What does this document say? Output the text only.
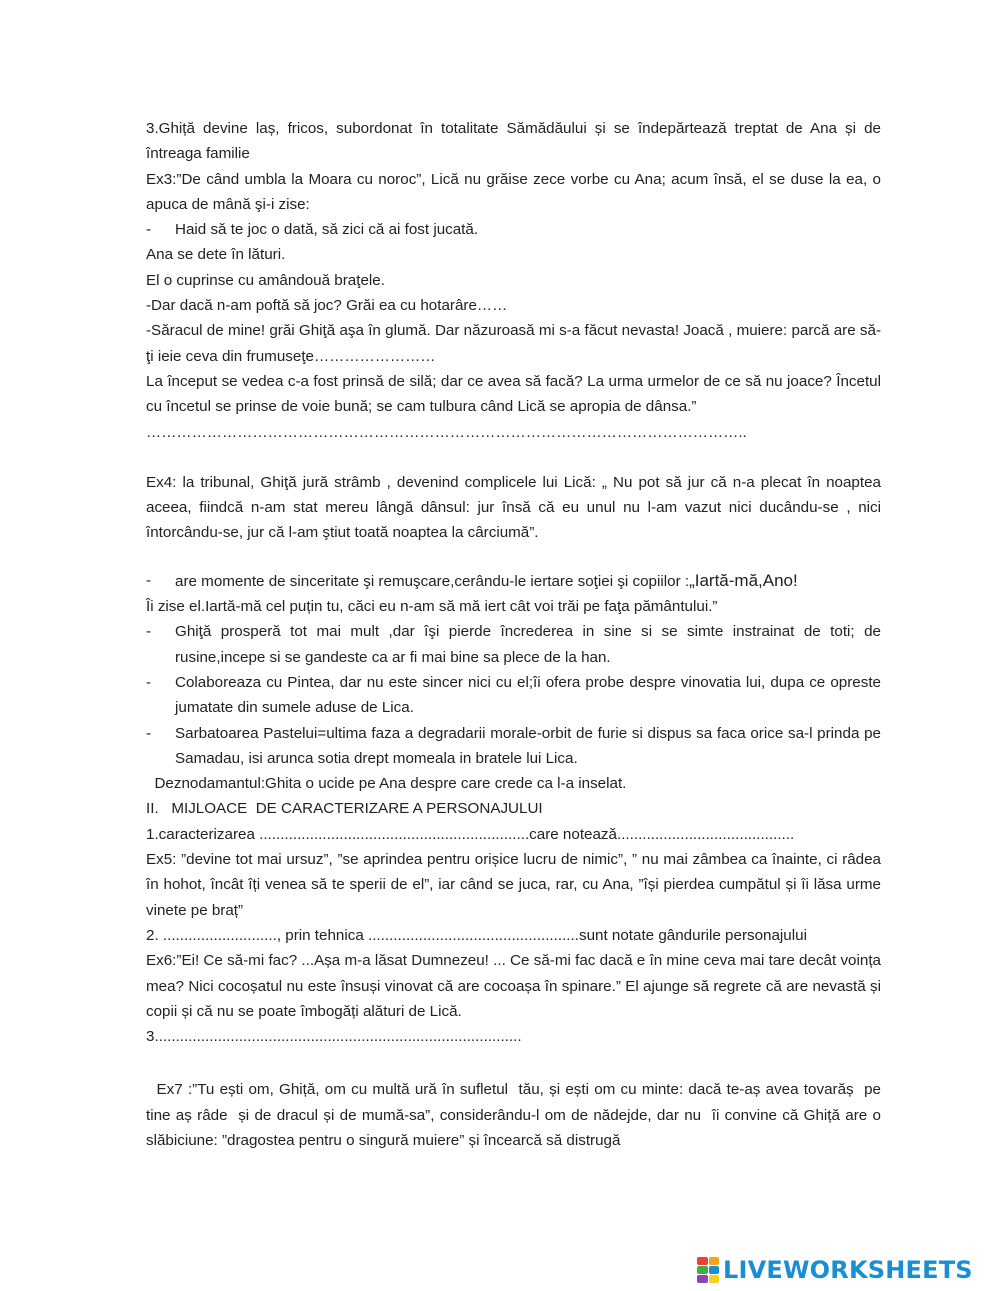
3.Ghiță devine laș, fricos, subordonat în totalitate Sămădăului și se îndepărtează treptat de Ana și de întreaga familie

Ex3:”De când umbla la Moara cu noroc”, Lică nu grăise zece vorbe cu Ana; acum însă, el se duse la ea, o apuca de mână şi-i zise:

- Haid să te joc o dată, să zici că ai fost jucată.

Ana se dete în lături.

El o cuprinse cu amândouă braţele.

-Dar dacă n-am poftă să joc? Grăi ea cu hotarâre……

-Săracul de mine! grăi Ghiţă aşa în glumă. Dar năzuroasă mi s-a făcut nevasta! Joacă , muiere: parcă are să-ţi ieie ceva din frumuseţe……………………

La început se vedea c-a fost prinsă de silă; dar ce avea să facă? La urma urmelor de ce să nu joace? Încetul cu încetul se prinse de voie bună; se cam tulbura când Lică se apropia de dânsa.”

………………………………………………………………………………………………………..

Ex4: la tribunal, Ghiţă jură strâmb , devenind complicele lui Lică: „ Nu pot să jur că n-a plecat în noaptea aceea, fiindcă n-am stat mereu lângă dânsul: jur însă că eu unul nu l-am vazut nici ducându-se , nici întorcându-se, jur că l-am ştiut toată noaptea la cârciumă”.

- are momente de sinceritate şi remuşcare,cerându-le iertare soţiei şi copiilor :„Iartă-mă,Ano!

Îi zise el.Iartă-mă cel puțin tu, căci eu n-am să mă iert cât voi trăi pe faţa pământului.”

- Ghiţă prosperă tot mai mult ,dar îşi pierde încrederea in sine si se simte instrainat de toti; de rusine,incepe si se gandeste ca ar fi mai bine sa plece de la han.

- Colaboreaza cu Pintea, dar nu este sincer nici cu el;îi ofera probe despre vinovatia lui, dupa ce opreste jumatate din sumele aduse de Lica.

- Sarbatoarea Pastelui=ultima faza a degradarii morale-orbit de furie si dispus sa faca orice sa-l prinda pe Samadau, isi arunca sotia drept momeala in bratele lui Lica.

Deznodamantul:Ghita o ucide pe Ana despre care crede ca l-a inselat.

II.   MIJLOACE  DE CARACTERIZARE A PERSONAJULUI

1.caracterizarea ................................................................care notează..........................................

Ex5: ”devine tot mai ursuz”, ”se aprindea pentru orișice lucru de nimic”, ” nu mai zâmbea ca înainte, ci râdea în hohot, încât îți venea să te sperii de el”, iar când se juca, rar, cu Ana, ”își pierdea cumpătul și îi lăsa urme vinete pe braț”

2. ..........................., prin tehnica ..................................................sunt notate gândurile personajului

Ex6:”Ei! Ce să-mi fac? ...Așa m-a lăsat Dumnezeu! ... Ce să-mi fac dacă e în mine ceva mai tare decât voința mea? Nici cocoșatul nu este însuși vinovat că are cocoașa în spinare.” El ajunge să regrete că are nevastă și copii și că nu se poate îmbogăți alături de Lică.

3.......................................................................................

Ex7 :”Tu ești om, Ghiță, om cu multă ură în sufletul  tău, și ești om cu minte: dacă te-aș avea tovarăș  pe tine aș râde  și de dracul și de mumă-sa”, considerându-l om de nădejde, dar nu  îi convine că Ghiță are o slăbiciune: ”dragostea pentru o singură muiere” și încearcă să distrugă

LIVEWORKSHEETS
